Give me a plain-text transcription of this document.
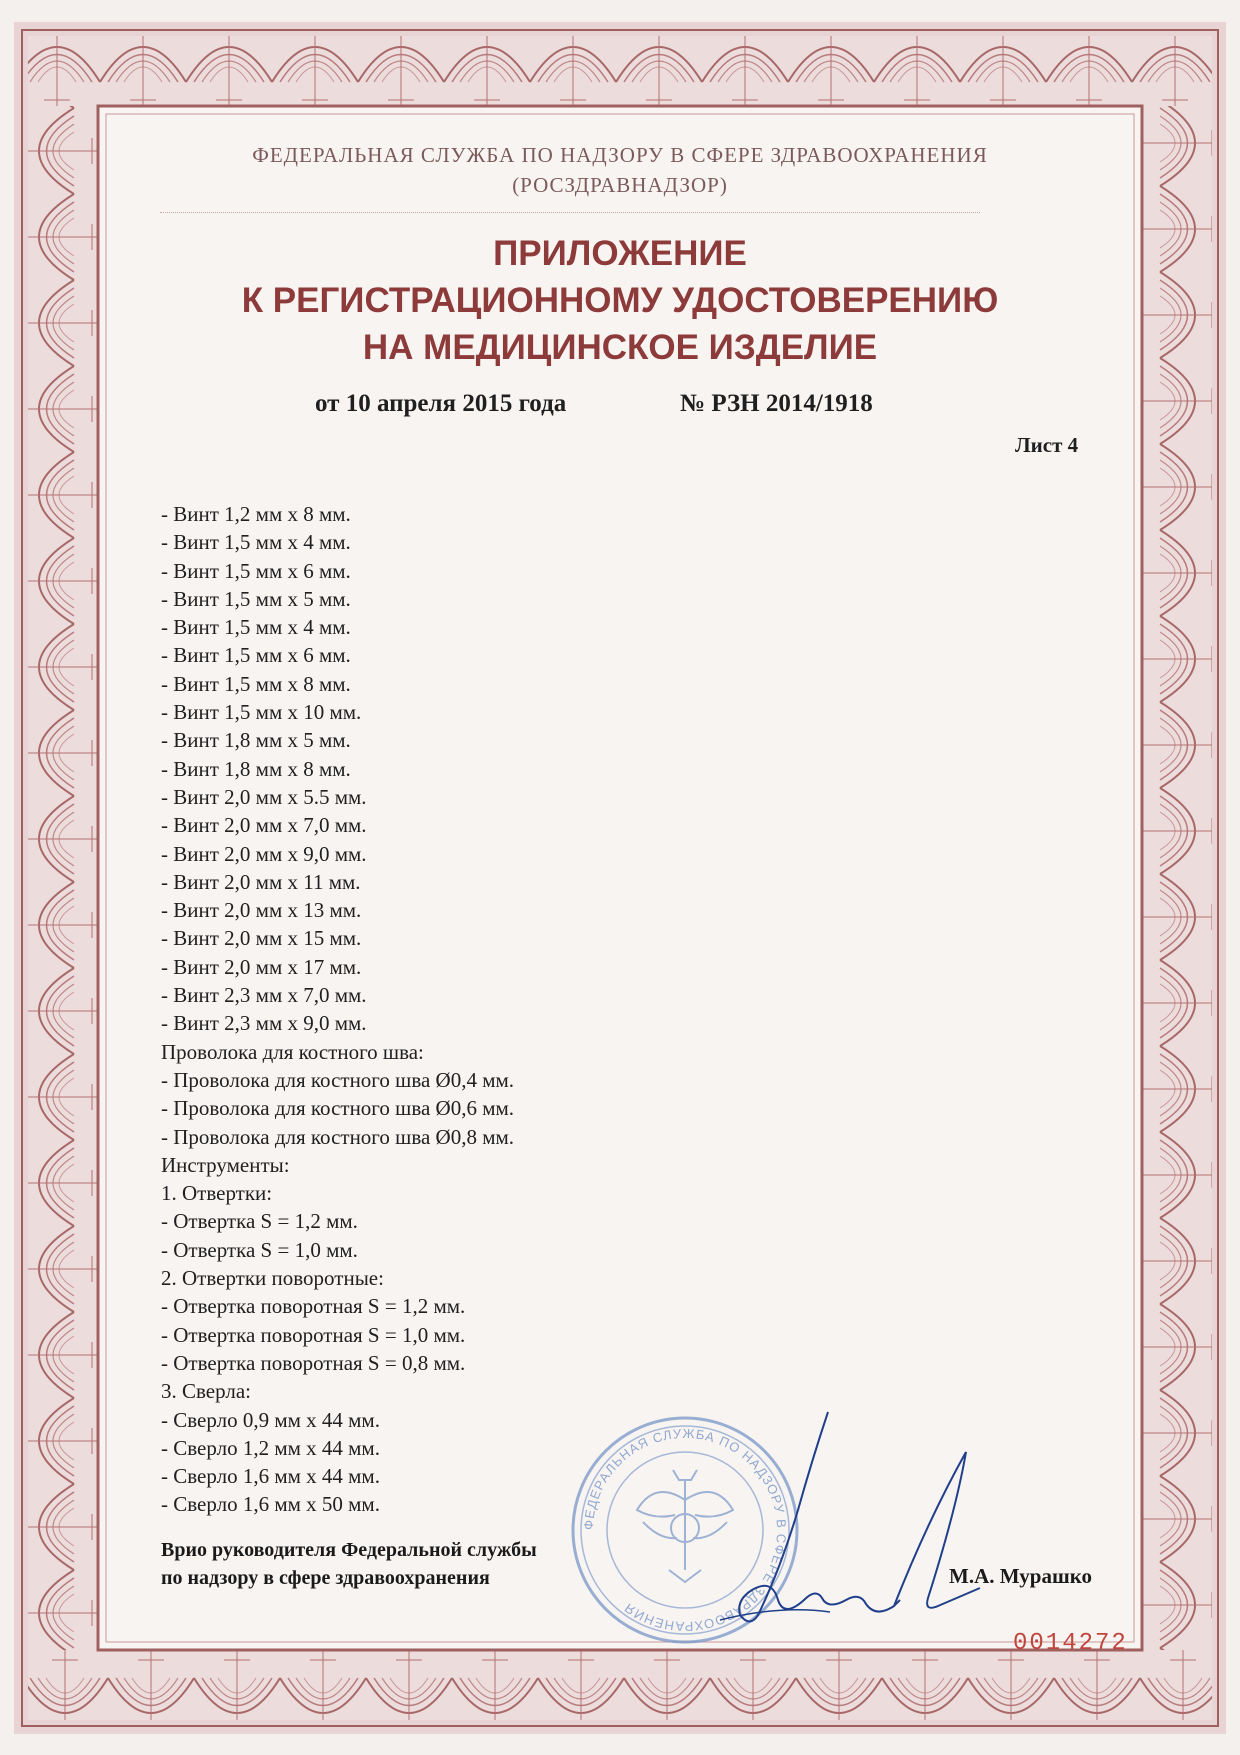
ФЕДЕРАЛЬНАЯ СЛУЖБА ПО НАДЗОРУ В СФЕРЕ ЗДРАВООХРАНЕНИЯ
(РОСЗДРАВНАДЗОР)
ПРИЛОЖЕНИЕ
К РЕГИСТРАЦИОННОМУ УДОСТОВЕРЕНИЮ
НА МЕДИЦИНСКОЕ ИЗДЕЛИЕ
от 10 апреля 2015 года	№ РЗН 2014/1918
Лист 4
- Винт 1,2 мм х 8 мм.
- Винт 1,5 мм х 4 мм.
- Винт 1,5 мм х 6 мм.
- Винт 1,5 мм х 5 мм.
- Винт 1,5 мм х 4 мм.
- Винт 1,5 мм х 6 мм.
- Винт 1,5 мм х 8 мм.
- Винт 1,5 мм х 10 мм.
- Винт 1,8 мм х 5 мм.
- Винт 1,8 мм х 8 мм.
- Винт 2,0 мм х 5.5 мм.
- Винт 2,0 мм х 7,0 мм.
- Винт 2,0 мм х 9,0 мм.
- Винт 2,0 мм х 11 мм.
- Винт 2,0 мм х 13 мм.
- Винт 2,0 мм х 15 мм.
- Винт 2,0 мм х 17 мм.
- Винт 2,3 мм х 7,0 мм.
- Винт 2,3 мм х 9,0 мм.
Проволока для костного шва:
- Проволока для костного шва Ø0,4 мм.
- Проволока для костного шва Ø0,6 мм.
- Проволока для костного шва Ø0,8 мм.
Инструменты:
1. Отвертки:
- Отвертка S = 1,2 мм.
- Отвертка S = 1,0 мм.
2. Отвертки поворотные:
- Отвертка поворотная S = 1,2 мм.
- Отвертка поворотная S = 1,0 мм.
- Отвертка поворотная S = 0,8 мм.
3. Сверла:
- Сверло 0,9 мм х 44 мм.
- Сверло 1,2 мм х 44 мм.
- Сверло 1,6 мм х 44 мм.
- Сверло 1,6 мм х 50 мм.
ФЕДЕРАЛЬНАЯ СЛУЖБА ПО НАДЗОРУ В СФЕРЕ ЗДРАВООХРАНЕНИЯ
Врио руководителя Федеральной службы
по надзору в сфере здравоохранения	М.А. Мурашко
0014272
